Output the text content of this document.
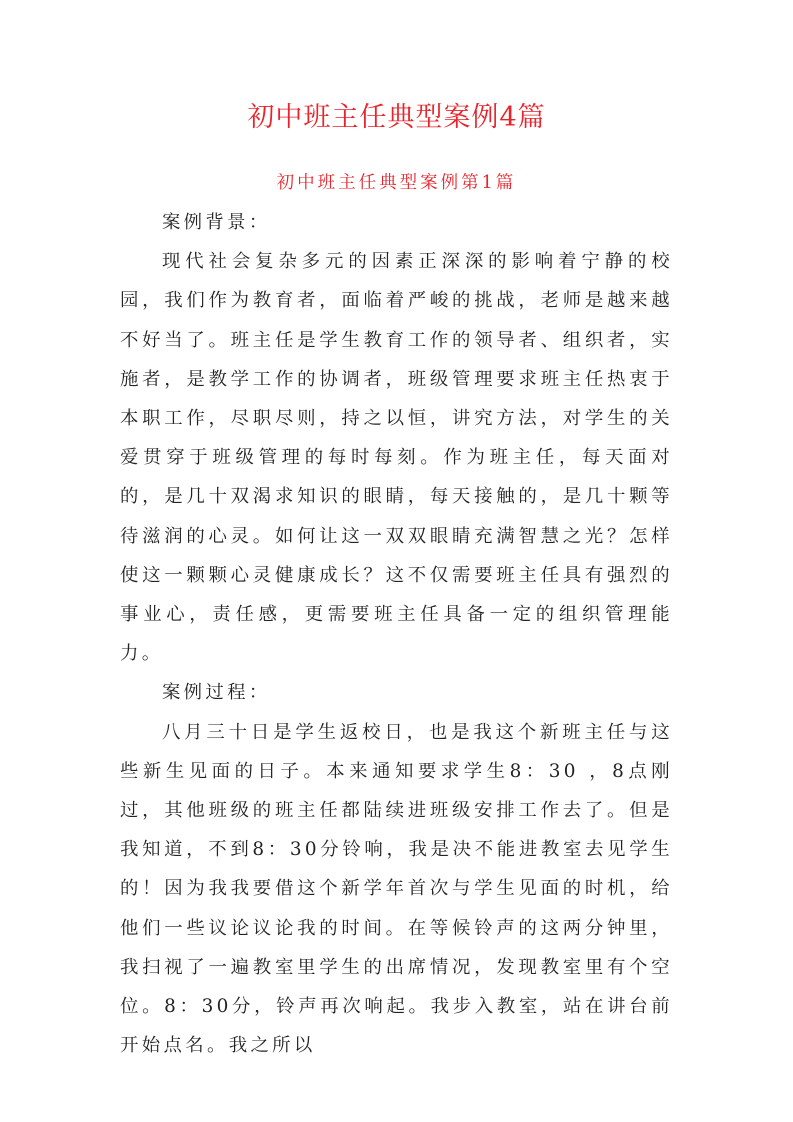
初中班主任典型案例4篇
初中班主任典型案例第1篇

案例背景：

现代社会复杂多元的因素正深深的影响着宁静的校园，我们作为教育者，面临着严峻的挑战，老师是越来越不好当了。班主任是学生教育工作的领导者、组织者，实施者，是教学工作的协调者，班级管理要求班主任热衷于本职工作，尽职尽则，持之以恒，讲究方法，对学生的关爱贯穿于班级管理的每时每刻。作为班主任，每天面对的，是几十双渴求知识的眼睛，每天接触的，是几十颗等待滋润的心灵。如何让这一双双眼睛充满智慧之光？怎样使这一颗颗心灵健康成长？这不仅需要班主任具有强烈的事业心，责任感，更需要班主任具备一定的组织管理能力。

案例过程：

八月三十日是学生返校日，也是我这个新班主任与这些新生见面的日子。本来通知要求学生8：30 ，8点刚过，其他班级的班主任都陆续进班级安排工作去了。但是我知道，不到8：30分铃响，我是决不能进教室去见学生的！因为我我要借这个新学年首次与学生见面的时机，给他们一些议论议论我的时间。在等候铃声的这两分钟里，我扫视了一遍教室里学生的出席情况，发现教室里有个空位。8：30分，铃声再次响起。我步入教室，站在讲台前开始点名。我之所以
